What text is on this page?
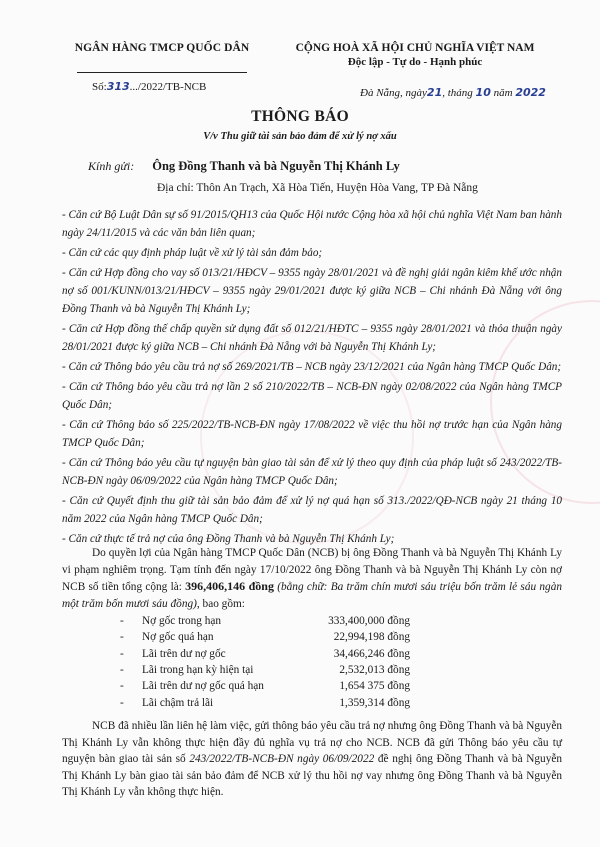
NGÂN HÀNG TMCP QUỐC DÂN
Số:313.../2022/TB-NCB
CỘNG HOÀ XÃ HỘI CHỦ NGHĨA VIỆT NAM
Độc lập - Tự do - Hạnh phúc
Đà Nẵng, ngày21, tháng 10 năm 2022
THÔNG BÁO
V/v Thu giữ tài sản bảo đảm để xử lý nợ xấu
Kính gửi: Ông Đồng Thanh và bà Nguyễn Thị Khánh Ly
Địa chỉ: Thôn An Trạch, Xã Hòa Tiến, Huyện Hòa Vang, TP Đà Nẵng

- Căn cứ Bộ Luật Dân sự số 91/2015/QH13 của Quốc Hội nước Cộng hòa xã hội chủ nghĩa Việt Nam ban hành ngày 24/11/2015 và các văn bản liên quan;

- Căn cứ các quy định pháp luật về xử lý tài sản đảm bảo;

- Căn cứ Hợp đồng cho vay số 013/21/HĐCV – 9355 ngày 28/01/2021 và đề nghị giải ngân kiêm khế ước nhận nợ số 001/KUNN/013/21/HĐCV – 9355 ngày 29/01/2021 được ký giữa NCB – Chi nhánh Đà Nẵng với ông Đồng Thanh và bà Nguyễn Thị Khánh Ly;

- Căn cứ Hợp đồng thế chấp quyền sử dụng đất số 012/21/HĐTC – 9355 ngày 28/01/2021 và thỏa thuận ngày 28/01/2021 được ký giữa NCB – Chi nhánh Đà Nẵng với bà Nguyễn Thị Khánh Ly;

- Căn cứ Thông báo yêu cầu trả nợ số 269/2021/TB – NCB ngày 23/12/2021 của Ngân hàng TMCP Quốc Dân;

- Căn cứ Thông báo yêu cầu trả nợ lần 2 số 210/2022/TB – NCB-ĐN ngày 02/08/2022 của Ngân hàng TMCP Quốc Dân;

- Căn cứ Thông báo số 225/2022/TB-NCB-ĐN ngày 17/08/2022 về việc thu hồi nợ trước hạn của Ngân hàng TMCP Quốc Dân;

- Căn cứ Thông báo yêu cầu tự nguyện bàn giao tài sản để xử lý theo quy định của pháp luật số 243/2022/TB-NCB-ĐN ngày 06/09/2022 của Ngân hàng TMCP Quốc Dân;

- Căn cứ Quyết định thu giữ tài sản bảo đảm để xử lý nợ quá hạn số 313./2022/QĐ-NCB ngày 21 tháng 10 năm 2022 của Ngân hàng TMCP Quốc Dân;

- Căn cứ thực tế trả nợ của ông Đồng Thanh và bà Nguyễn Thị Khánh Ly;

Do quyền lợi của Ngân hàng TMCP Quốc Dân (NCB) bị ông Đồng Thanh và bà Nguyễn Thị Khánh Ly vi phạm nghiêm trọng. Tạm tính đến ngày 17/10/2022 ông Đồng Thanh và bà Nguyễn Thị Khánh Ly còn nợ NCB số tiền tổng cộng là: 396,406,146 đồng (bằng chữ: Ba trăm chín mươi sáu triệu bốn trăm lẻ sáu ngàn một trăm bốn mươi sáu đồng), bao gồm:
-	Nợ gốc trong hạn	333,400,000 đồng
-	Nợ gốc quá hạn	22,994,198 đồng
-	Lãi trên dư nợ gốc	34,466,246 đồng
-	Lãi trong hạn kỳ hiện tại	2,532,013 đồng
-	Lãi trên dư nợ gốc quá hạn	1,654 375 đồng
-	Lãi chậm trả lãi	1,359,314 đồng
NCB đã nhiều lần liên hệ làm việc, gửi thông báo yêu cầu trả nợ nhưng ông Đồng Thanh và bà Nguyễn Thị Khánh Ly vẫn không thực hiện đầy đủ nghĩa vụ trả nợ cho NCB. NCB đã gửi Thông báo yêu cầu tự nguyện bàn giao tài sản số 243/2022/TB-NCB-ĐN ngày 06/09/2022 đề nghị ông Đồng Thanh và bà Nguyễn Thị Khánh Ly bàn giao tài sản bảo đảm để NCB xử lý thu hồi nợ vay nhưng ông Đồng Thanh và bà Nguyễn Thị Khánh Ly vẫn không thực hiện.
